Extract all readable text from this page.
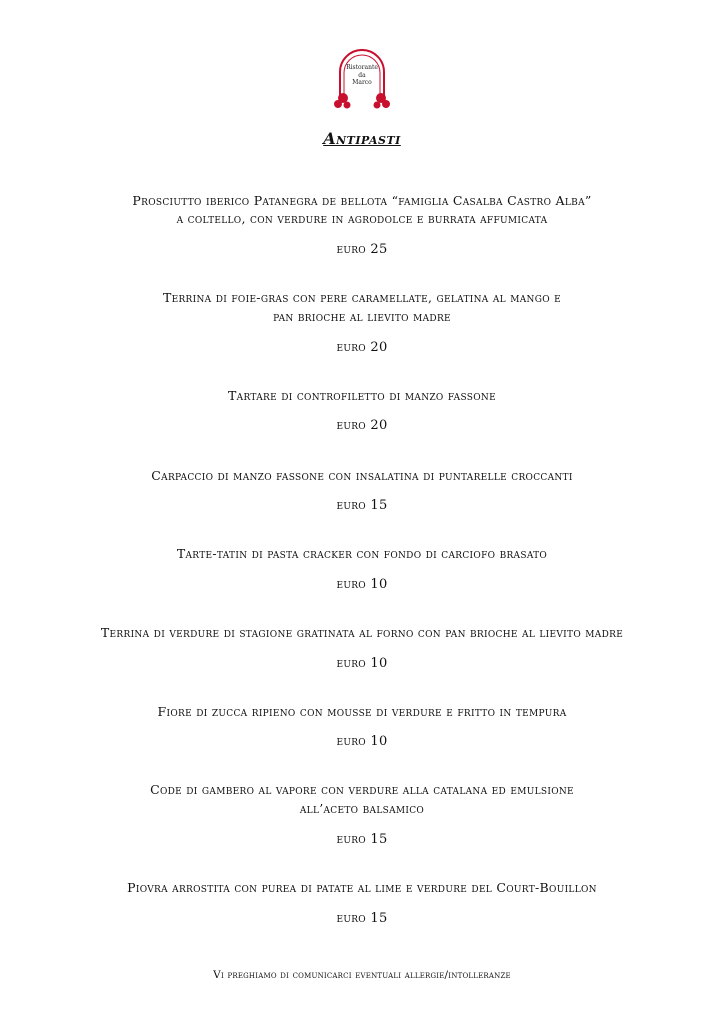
Ristorante
da
Marco
Antipasti
Prosciutto iberico Patanegra de bellota “famiglia Casalba Castro Alba”
a coltello, con verdure in agrodolce e burrata affumicata
euro 25
Terrina di foie-gras con pere caramellate, gelatina al mango e
pan brioche al lievito madre
euro 20
Tartare di controfiletto di manzo fassone
euro 20
Carpaccio di manzo fassone con insalatina di puntarelle croccanti
euro 15
Tarte-tatin di pasta cracker con fondo di carciofo brasato
euro 10
Terrina di verdure di stagione gratinata al forno con pan brioche al lievito madre
euro 10
Fiore di zucca ripieno con mousse di verdure e fritto in tempura
euro 10
Code di gambero al vapore con verdure alla catalana ed emulsione
all’aceto balsamico
euro 15
Piovra arrostita con purea di patate al lime e verdure del Court-Bouillon
euro 15
Vi preghiamo di comunicarci eventuali allergie/intolleranze
